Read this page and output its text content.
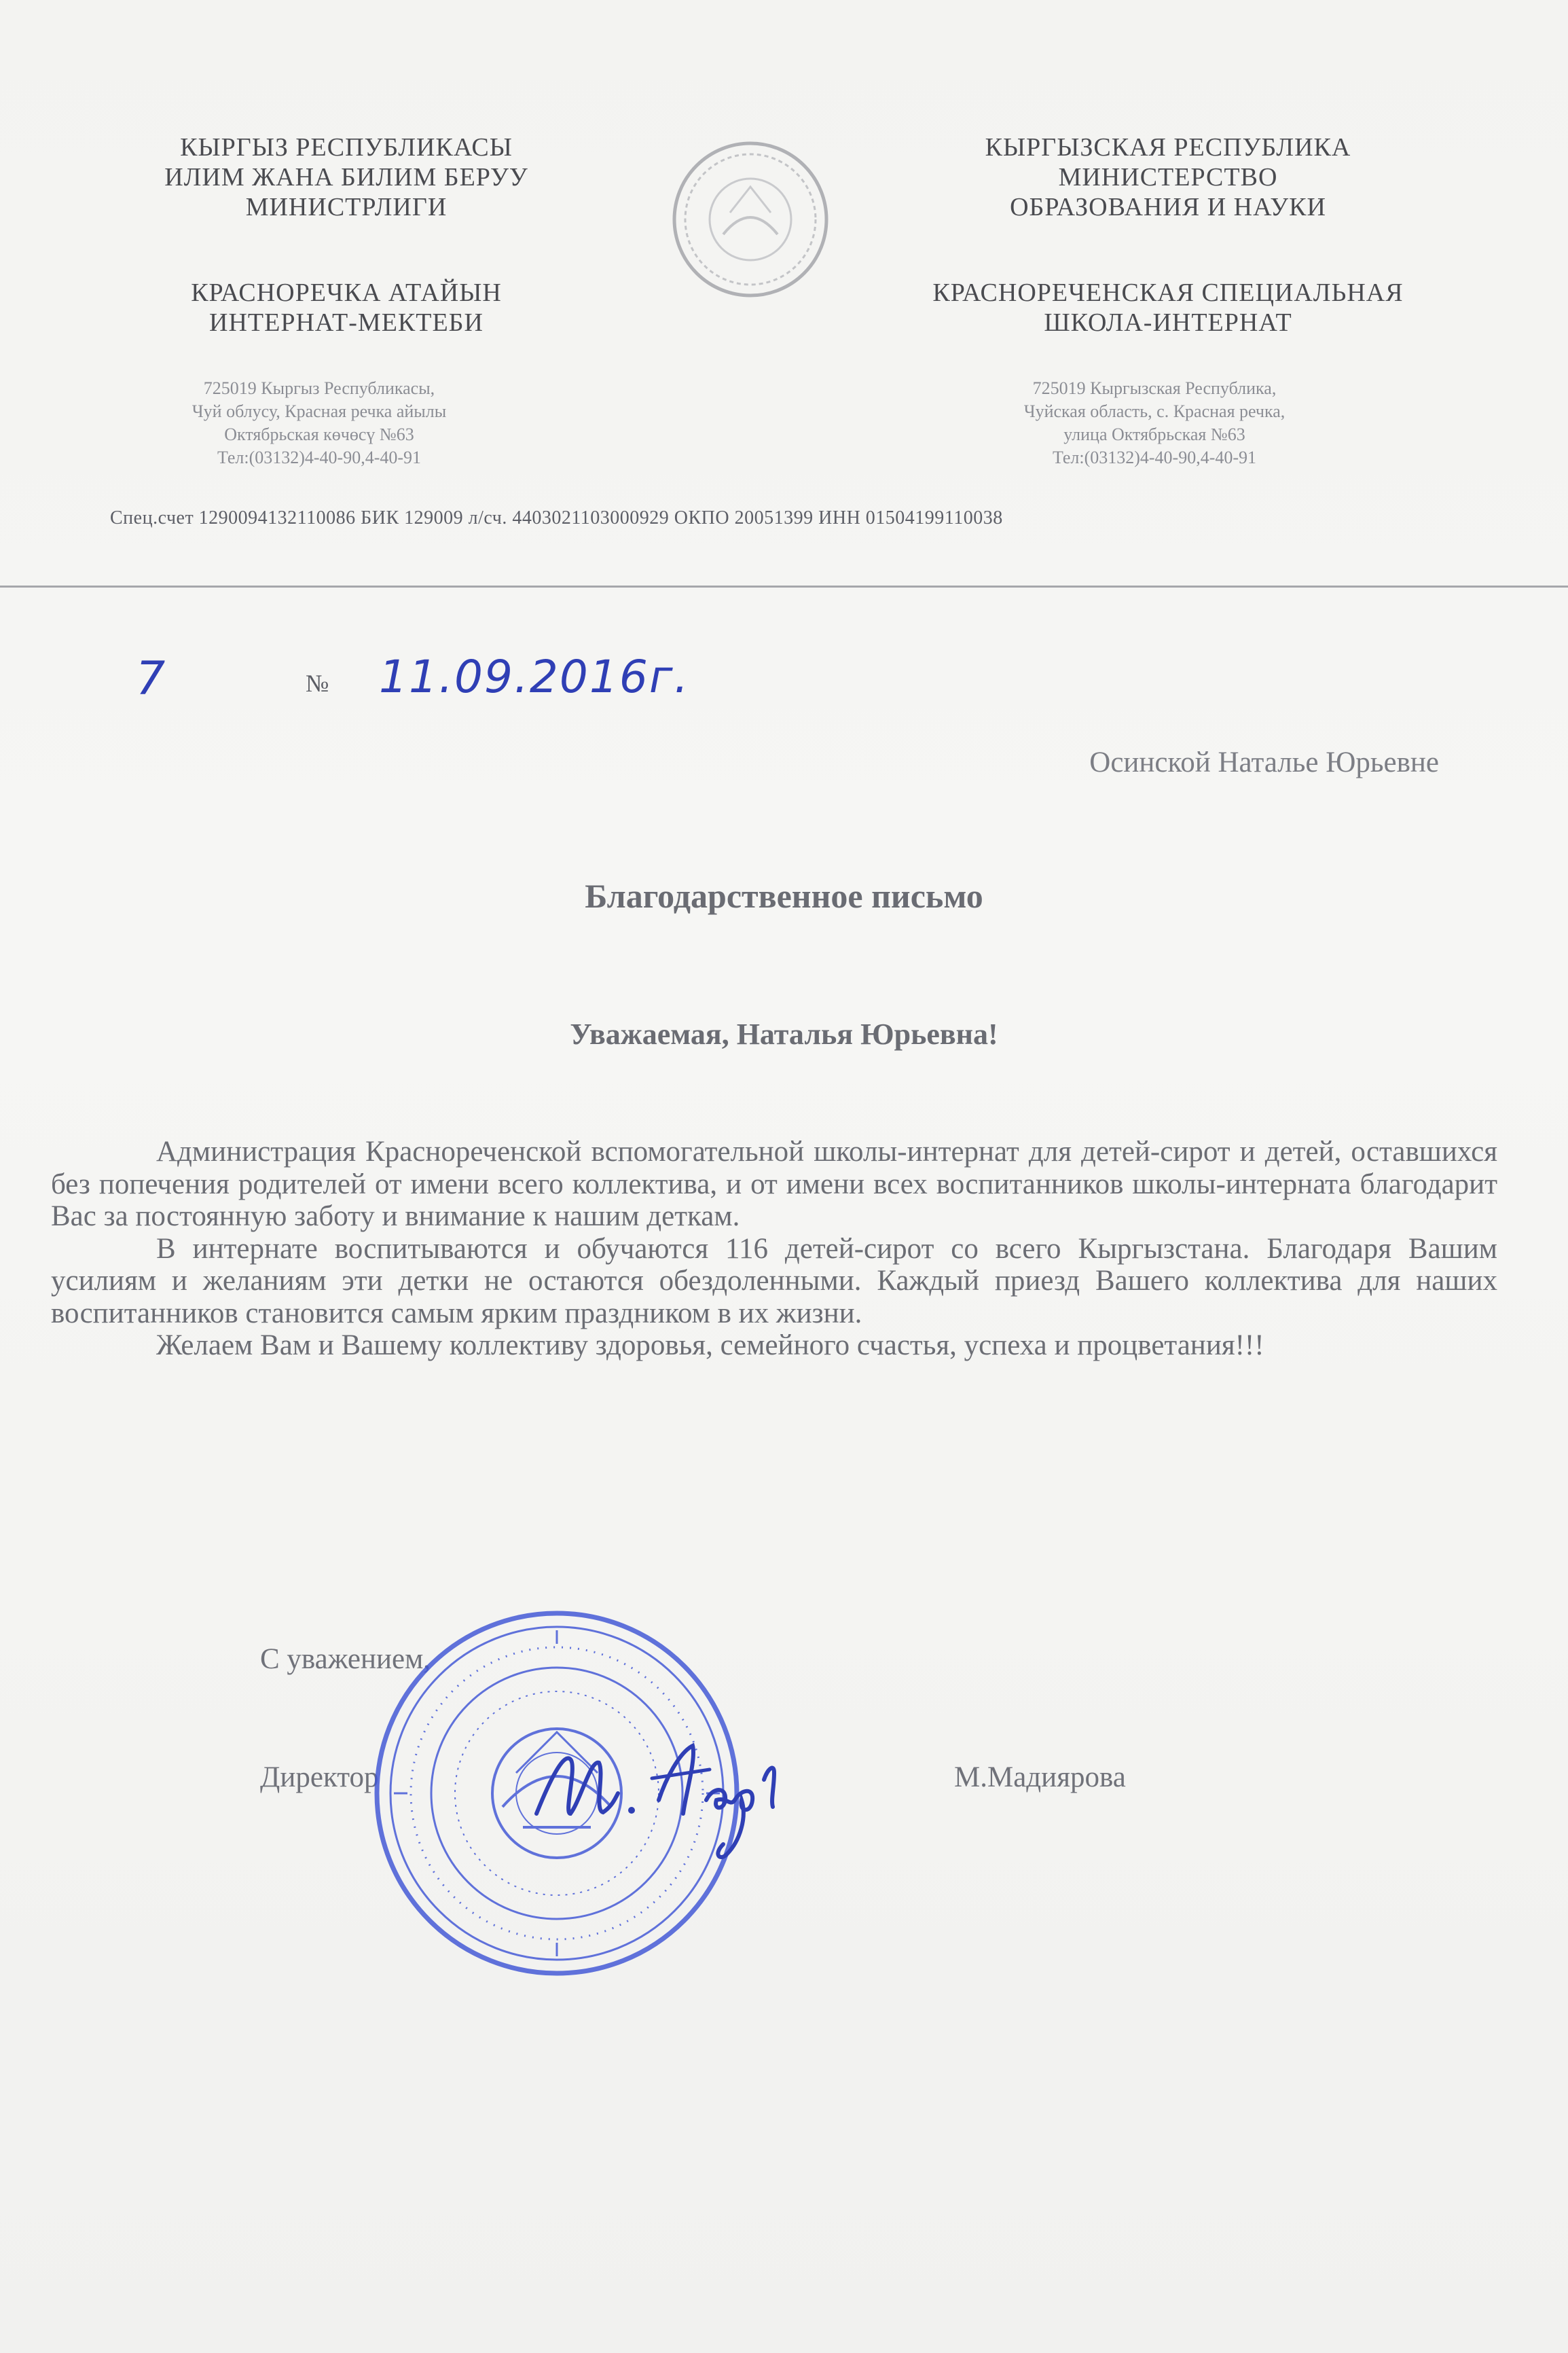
КЫРГЫЗ РЕСПУБЛИКАСЫ
ИЛИМ ЖАНА БИЛИМ БЕРУУ
МИНИСТРЛИГИ
КРАСНОРЕЧКА АТАЙЫН
ИНТЕРНАТ-МЕКТЕБИ
КЫРГЫЗСКАЯ РЕСПУБЛИКА
МИНИСТЕРСТВО
ОБРАЗОВАНИЯ И НАУКИ
КРАСНОРЕЧЕНСКАЯ СПЕЦИАЛЬНАЯ
ШКОЛА-ИНТЕРНАТ
725019 Кыргыз Республикасы,
Чуй облусу, Красная речка айылы
Октябрьская көчөсү №63
Тел:(03132)4-40-90,4-40-91
725019 Кыргызская Республика,
Чуйская область, с. Красная речка,
улица Октябрьская №63
Тел:(03132)4-40-90,4-40-91
Спец.счет 1290094132110086 БИК 129009 л/сч. 4403021103000929 ОКПО 20051399 ИНН 01504199110038
7	№ 11.09.2016г.
Осинской Наталье Юрьевне
Благодарственное письмо
Уважаемая, Наталья Юрьевна!

Администрация Краснореченской вспомогательной школы-интернат для детей-сирот и детей, оставшихся без попечения родителей от имени всего коллектива, и от имени всех воспитанников школы-интерната благодарит Вас за постоянную заботу и внимание к нашим деткам.

В интернате воспитываются и обучаются 116 детей-сирот со всего Кыргызстана. Благодаря Вашим усилиям и желаниям эти детки не остаются обездоленными. Каждый приезд Вашего коллектива для наших воспитанников становится самым ярким праздником в их жизни.

Желаем Вам и Вашему коллективу здоровья, семейного счастья, успеха и процветания!!!

С уважением,
Директор	М.Мадиярова
